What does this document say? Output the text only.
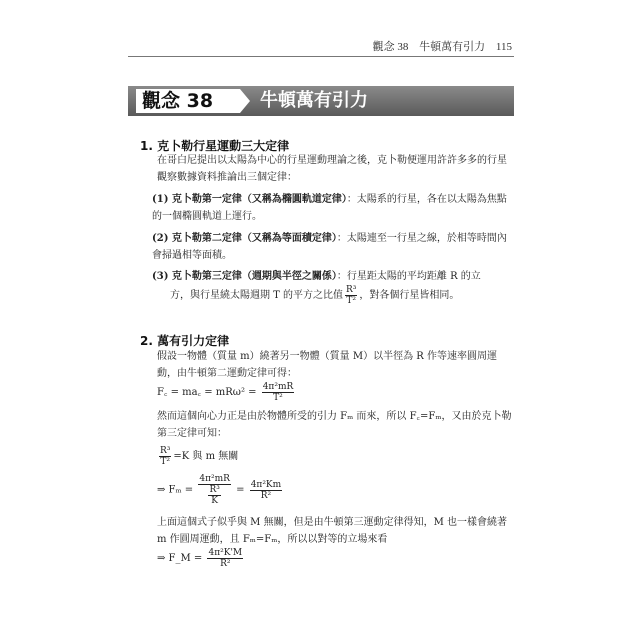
觀念 38 牛頓萬有引力 115
觀念 38	牛頓萬有引力
1. 克卜勒行星運動三大定律
在哥白尼提出以太陽為中心的行星運動理論之後，克卜勒便運用許許多多的行星觀察數據資料推論出三個定律：
(1) 克卜勒第一定律（又稱為橢圓軌道定律）：太陽系的行星，各在以太陽為焦點的一個橢圓軌道上運行。
(2) 克卜勒第二定律（又稱為等面積定律）：太陽連至一行星之線，於相等時間內會掃過相等面積。
(3) 克卜勒第三定律（週期與半徑之關係）：行星距太陽的平均距離 R 的立
方，與行星繞太陽週期 T 的平方之比值 $\frac{\text{R³}}{\text{T²}}$ ，對各個行星皆相同。
2. 萬有引力定律
假設一物體（質量 m）繞著另一物體（質量 M）以半徑為 R 作等速率圓周運動，由牛頓第二運動定律可得：
F꜀ = ma꜀ = $mR\omega^2 = \frac{\text{4π²mR}}{\text{T²}}$
然而這個向心力正是由於物體所受的引力 Fₘ 而來，所以 F꜀=Fₘ，又由於克卜勒第三定律可知：
$\frac{\text{R³}}{\text{T²}} =K$ 與 m 無關
⇒ $F_m = \frac{\text{4π²mR}}{\frac{\text{R³}}{K}} = \frac{\text{4π²Km}}{\text{R²}}$
上面這個式子似乎與 M 無關，但是由牛頓第三運動定律得知，M 也一樣會繞著 m 作圓周運動，且 Fₘ=Fₘ，所以以對等的立場來看
⇒ F_M = $\frac{\text{4π²K'M}}{\text{R²}}$
